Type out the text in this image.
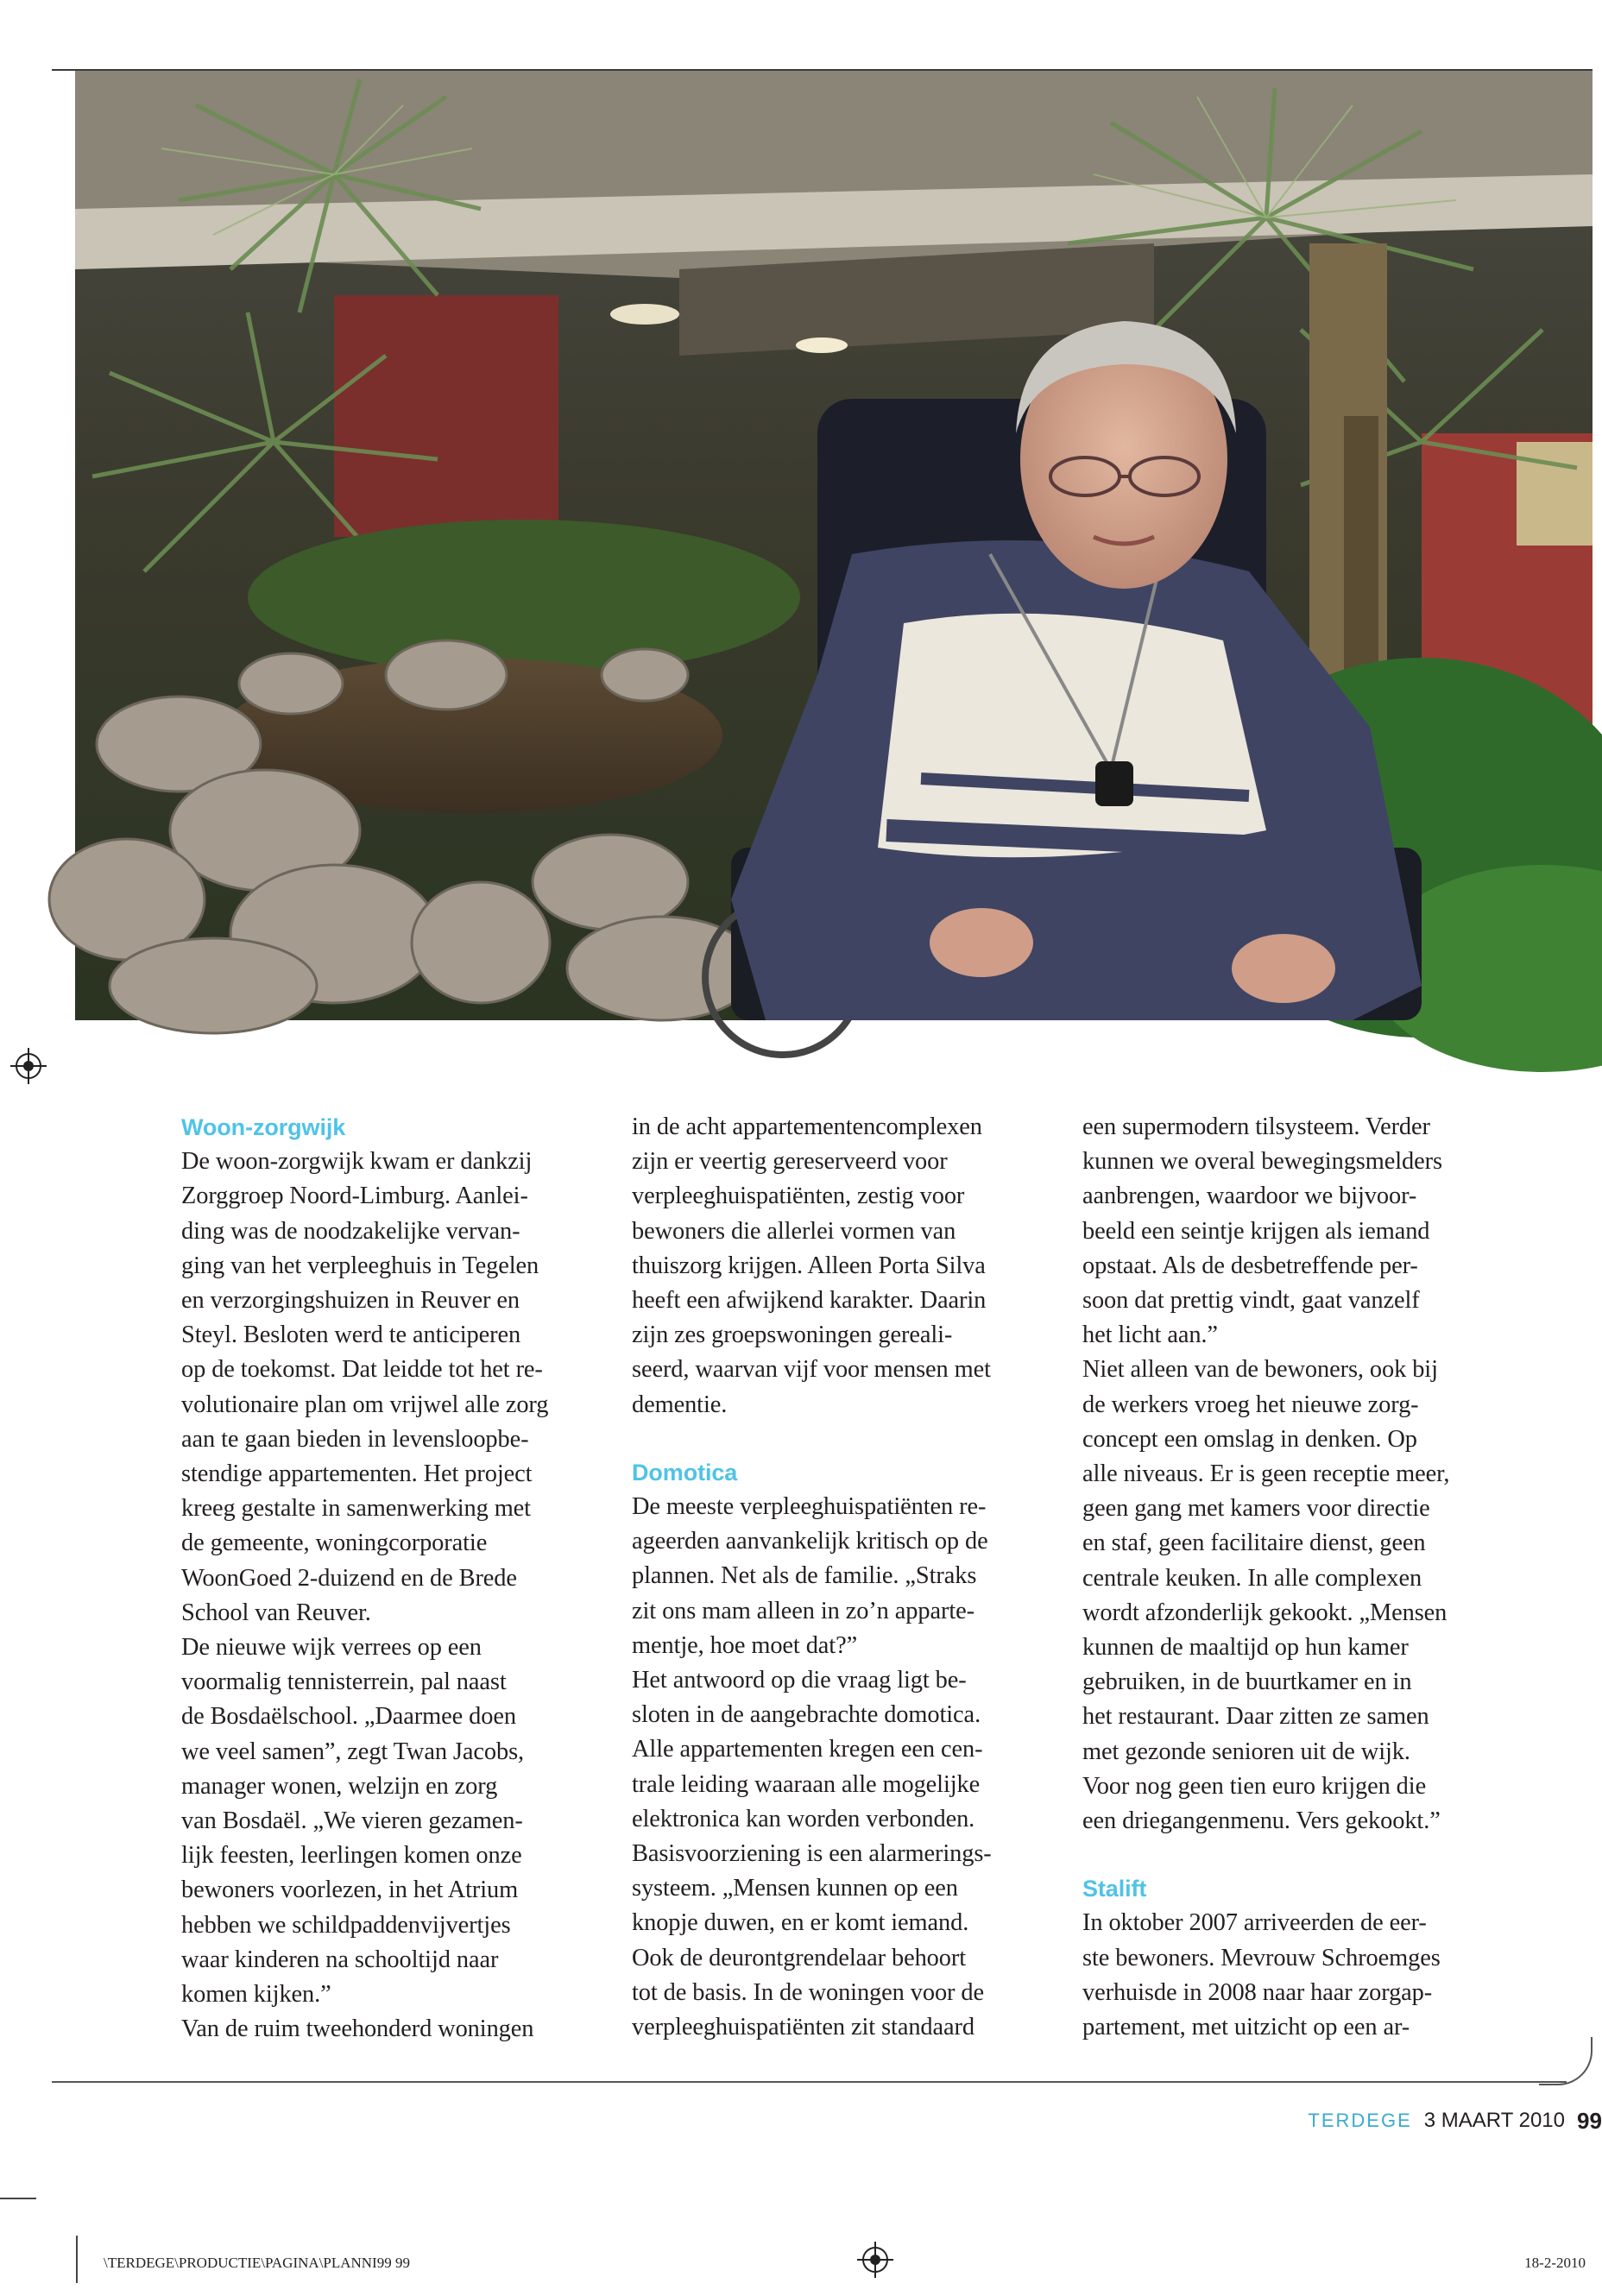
Woon-zorgwijk

De woon-zorgwijk kwam er dankzij

Zorggroep Noord-Limburg. Aanlei-

ding was de noodzakelijke vervan-

ging van het verpleeghuis in Tegelen

en verzorgingshuizen in Reuver en

Steyl. Besloten werd te anticiperen

op de toekomst. Dat leidde tot het re-

volutionaire plan om vrijwel alle zorg

aan te gaan bieden in levensloopbe-

stendige appartementen. Het project

kreeg gestalte in samenwerking met

de gemeente, woningcorporatie

WoonGoed 2-duizend en de Brede

School van Reuver.

De nieuwe wijk verrees op een

voormalig tennisterrein, pal naast

de Bosdaëlschool. „Daarmee doen

we veel samen”, zegt Twan Jacobs,

manager wonen, welzijn en zorg

van Bosdaël. „We vieren gezamen-

lijk feesten, leerlingen komen onze

bewoners voorlezen, in het Atrium

hebben we schildpaddenvijvertjes

waar kinderen na schooltijd naar

komen kijken.”

Van de ruim tweehonderd woningen

in de acht appartementencomplexen

zijn er veertig gereserveerd voor

verpleeghuispatiënten, zestig voor

bewoners die allerlei vormen van

thuiszorg krijgen. Alleen Porta Silva

heeft een afwijkend karakter. Daarin

zijn zes groepswoningen gereali-

seerd, waarvan vijf voor mensen met

dementie.

Domotica

De meeste verpleeghuispatiënten re-

ageerden aanvankelijk kritisch op de

plannen. Net als de familie. „Straks

zit ons mam alleen in zo’n apparte-

mentje, hoe moet dat?”

Het antwoord op die vraag ligt be-

sloten in de aangebrachte domotica.

Alle appartementen kregen een cen-

trale leiding waaraan alle mogelijke

elektronica kan worden verbonden.

Basisvoorziening is een alarmerings-

systeem. „Mensen kunnen op een

knopje duwen, en er komt iemand.

Ook de deurontgrendelaar behoort

tot de basis. In de woningen voor de

verpleeghuispatiënten zit standaard

een supermodern tilsysteem. Verder

kunnen we overal bewegingsmelders

aanbrengen, waardoor we bijvoor-

beeld een seintje krijgen als iemand

opstaat. Als de desbetreffende per-

soon dat prettig vindt, gaat vanzelf

het licht aan.”

Niet alleen van de bewoners, ook bij

de werkers vroeg het nieuwe zorg-

concept een omslag in denken. Op

alle niveaus. Er is geen receptie meer,

geen gang met kamers voor directie

en staf, geen facilitaire dienst, geen

centrale keuken. In alle complexen

wordt afzonderlijk gekookt. „Mensen

kunnen de maaltijd op hun kamer

gebruiken, in de buurtkamer en in

het restaurant. Daar zitten ze samen

met gezonde senioren uit de wijk.

Voor nog geen tien euro krijgen die

een driegangenmenu. Vers gekookt.”

Stalift

In oktober 2007 arriveerden de eer-

ste bewoners. Mevrouw Schroemges

verhuisde in 2008 naar haar zorgap-

partement, met uitzicht op een ar-

TERDEGE 3 MAART 2010 99
\TERDEGE\PRODUCTIE\PAGINA\PLANNI99 99	18-2-2010
